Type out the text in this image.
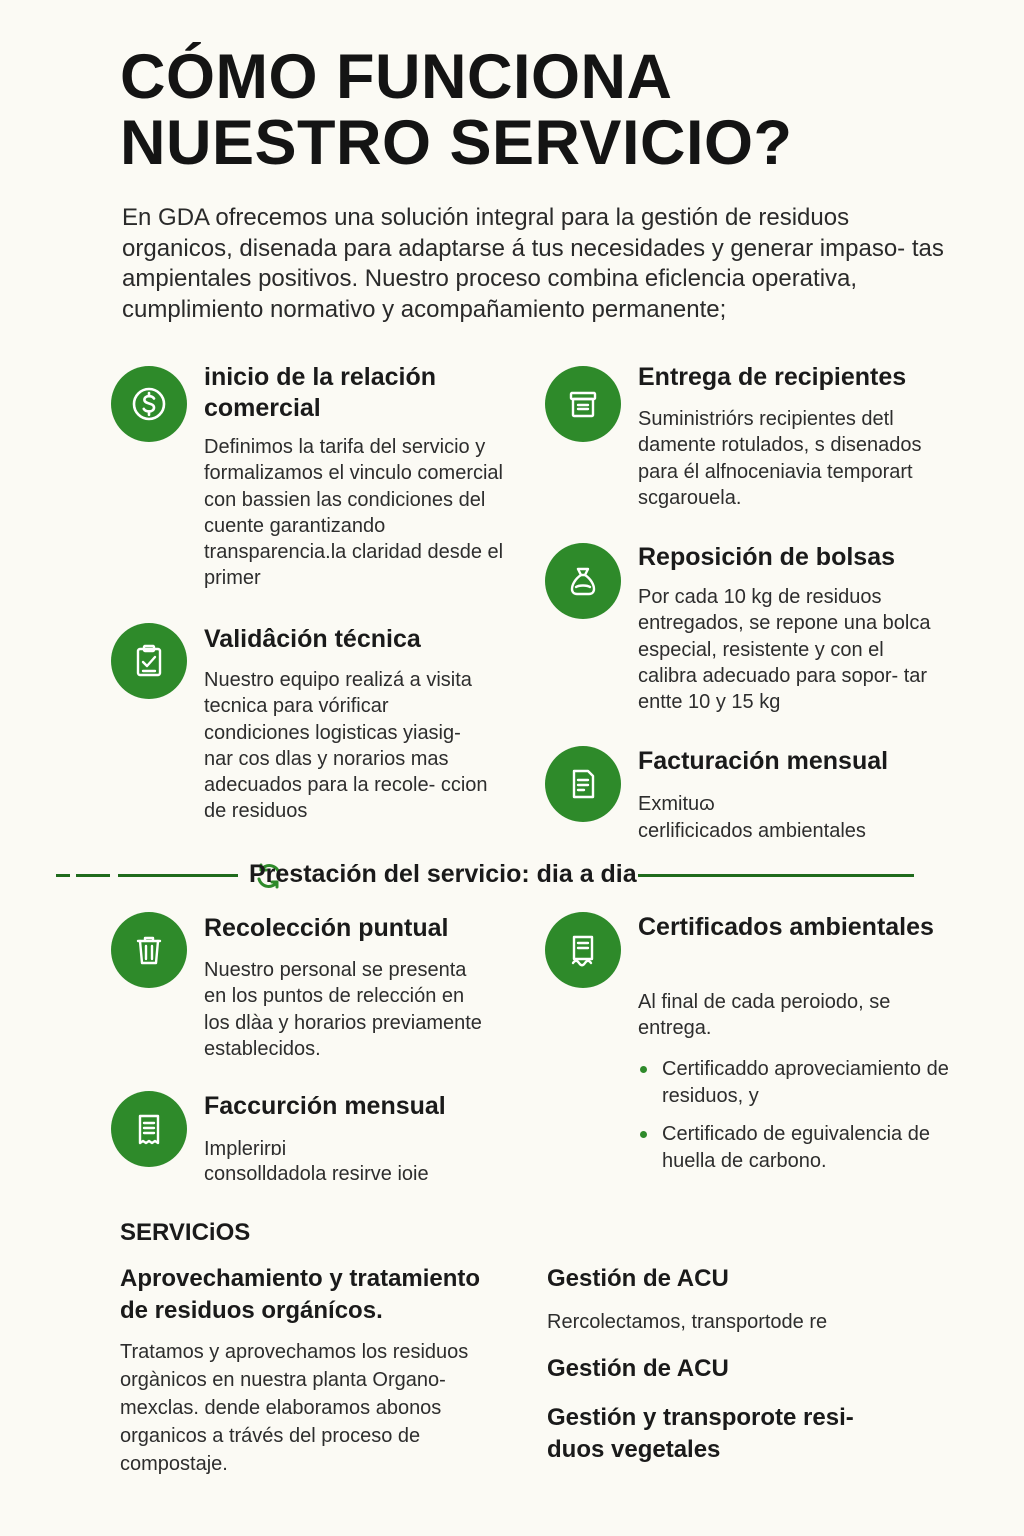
CÓMO FUNCIONA
NUESTRO SERVICIO?

En GDA ofrecemos una solución integral para la gestión de residuos organicos, disenada para adaptarse á tus necesidades y generar impaso- tas ampientales positivos. Nuestro proceso combina eficlencia operativa, cumplimiento normativo y acompañamiento permanente;

inicio de la relación comercial

Definimos la tarifa del servicio y formalizamos el vinculo comercial con bassien las condiciones del cuente garantizando transparencia.la claridad desde el primer

Validâción técnica

Nuestro equipo realizá a visita tecnica para vórificar condiciones logisticas yiasig- nar cos dlas y norarios mas adecuados para la recole- ccion de residuos

Entrega de recipientes

Suministriórs recipientes detl damente rotulados, s disenados para él alfnoceniavia temporart scgarouela.

Reposición de bolsas

Por cada 10 kg de residuos entregados, se repone una bolca especial, resistente y con el calibra adecuado para sopor- tar entte 10 y 15 kg

Facturación mensual

Exmituɷ

cerlificicados ambientales

Prestación del servicio: dia a dia
Recolección puntual

Nuestro personal se presenta en los puntos de relección en los dlàa y horarios previamente establecidos.

Faccurción mensual

Implerirɒi

consolldadola resirve ioie

Certificados ambientales

Al final de cada peroiodo, se entrega.

Certificaddo aproveciamiento de residuos, y
Certificado de eguivalencia de huella de carbono.
SERVICiOS
Aprovechamiento y tratamiento de residuos orgánícos.

Tratamos y aprovechamos los residuos orgànicos en nuestra planta Organo- mexclas. dende elaboramos abonos organicos a trávés del proceso de compostaje.

Gestión de ACU

Rercolectamos, transportode re

Gestión de ACU
Gestión y transporote resi- duos vegetales
